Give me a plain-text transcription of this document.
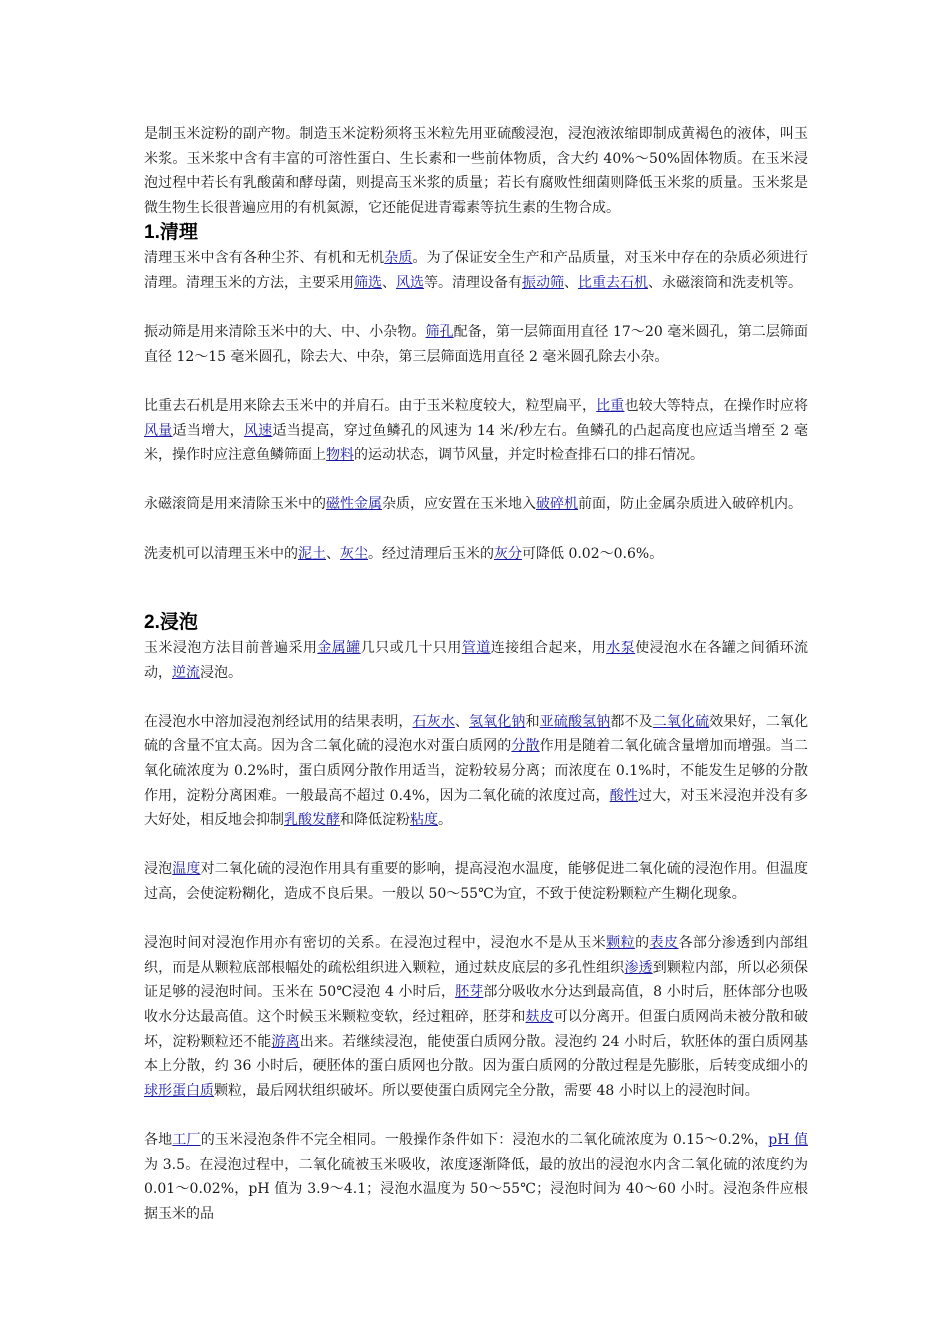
是制玉米淀粉的副产物。制造玉米淀粉须将玉米粒先用亚硫酸浸泡，浸泡液浓缩即制成黄褐色的液体，叫玉米浆。玉米浆中含有丰富的可溶性蛋白、生长素和一些前体物质，含大约 40%～50%固体物质。在玉米浸泡过程中若长有乳酸菌和酵母菌，则提高玉米浆的质量；若长有腐败性细菌则降低玉米浆的质量。玉米浆是微生物生长很普遍应用的有机氮源，它还能促进青霉素等抗生素的生物合成。

1.清理

清理玉米中含有各种尘芥、有机和无机杂质。为了保证安全生产和产品质量，对玉米中存在的杂质必须进行清理。清理玉米的方法，主要采用筛选、风选等。清理设备有振动筛、比重去石机、永磁滚筒和洗麦机等。

振动筛是用来清除玉米中的大、中、小杂物。筛孔配备，第一层筛面用直径 17～20 毫米圆孔，第二层筛面直径 12～15 毫米圆孔，除去大、中杂，第三层筛面选用直径 2 毫米圆孔除去小杂。

比重去石机是用来除去玉米中的并肩石。由于玉米粒度较大，粒型扁平，比重也较大等特点，在操作时应将风量适当增大，风速适当提高，穿过鱼鳞孔的风速为 14 米/秒左右。鱼鳞孔的凸起高度也应适当增至 2 毫米，操作时应注意鱼鳞筛面上物料的运动状态，调节风量，并定时检查排石口的排石情况。

永磁滚筒是用来清除玉米中的磁性金属杂质，应安置在玉米地入破碎机前面，防止金属杂质进入破碎机内。

洗麦机可以清理玉米中的泥土、灰尘。经过清理后玉米的灰分可降低 0.02～0.6%。

2.浸泡

玉米浸泡方法目前普遍采用金属罐几只或几十只用管道连接组合起来，用水泵使浸泡水在各罐之间循环流动，逆流浸泡。

在浸泡水中溶加浸泡剂经试用的结果表明，石灰水、氢氧化钠和亚硫酸氢钠都不及二氧化硫效果好，二氧化硫的含量不宜太高。因为含二氧化硫的浸泡水对蛋白质网的分散作用是随着二氧化硫含量增加而增强。当二氧化硫浓度为 0.2%时，蛋白质网分散作用适当，淀粉较易分离；而浓度在 0.1%时，不能发生足够的分散作用，淀粉分离困难。一般最高不超过 0.4%，因为二氧化硫的浓度过高，酸性过大，对玉米浸泡并没有多大好处，相反地会抑制乳酸发酵和降低淀粉粘度。

浸泡温度对二氧化硫的浸泡作用具有重要的影响，提高浸泡水温度，能够促进二氧化硫的浸泡作用。但温度过高，会使淀粉糊化，造成不良后果。一般以 50～55℃为宜，不致于使淀粉颗粒产生糊化现象。

浸泡时间对浸泡作用亦有密切的关系。在浸泡过程中，浸泡水不是从玉米颗粒的表皮各部分渗透到内部组织，而是从颗粒底部根幅处的疏松组织进入颗粒，通过麸皮底层的多孔性组织渗透到颗粒内部，所以必须保证足够的浸泡时间。玉米在 50℃浸泡 4 小时后，胚芽部分吸收水分达到最高值，8 小时后，胚体部分也吸收水分达最高值。这个时候玉米颗粒变软，经过粗碎，胚芽和麸皮可以分离开。但蛋白质网尚未被分散和破坏，淀粉颗粒还不能游离出来。若继续浸泡，能使蛋白质网分散。浸泡约 24 小时后，软胚体的蛋白质网基本上分散，约 36 小时后，硬胚体的蛋白质网也分散。因为蛋白质网的分散过程是先膨胀，后转变成细小的球形蛋白质颗粒，最后网状组织破坏。所以要使蛋白质网完全分散，需要 48 小时以上的浸泡时间。

各地工厂的玉米浸泡条件不完全相同。一般操作条件如下：浸泡水的二氧化硫浓度为 0.15～0.2%，pH 值为 3.5。在浸泡过程中，二氧化硫被玉米吸收，浓度逐渐降低，最的放出的浸泡水内含二氧化硫的浓度约为 0.01～0.02%，pH 值为 3.9～4.1；浸泡水温度为 50～55℃；浸泡时间为 40～60 小时。浸泡条件应根据玉米的品
